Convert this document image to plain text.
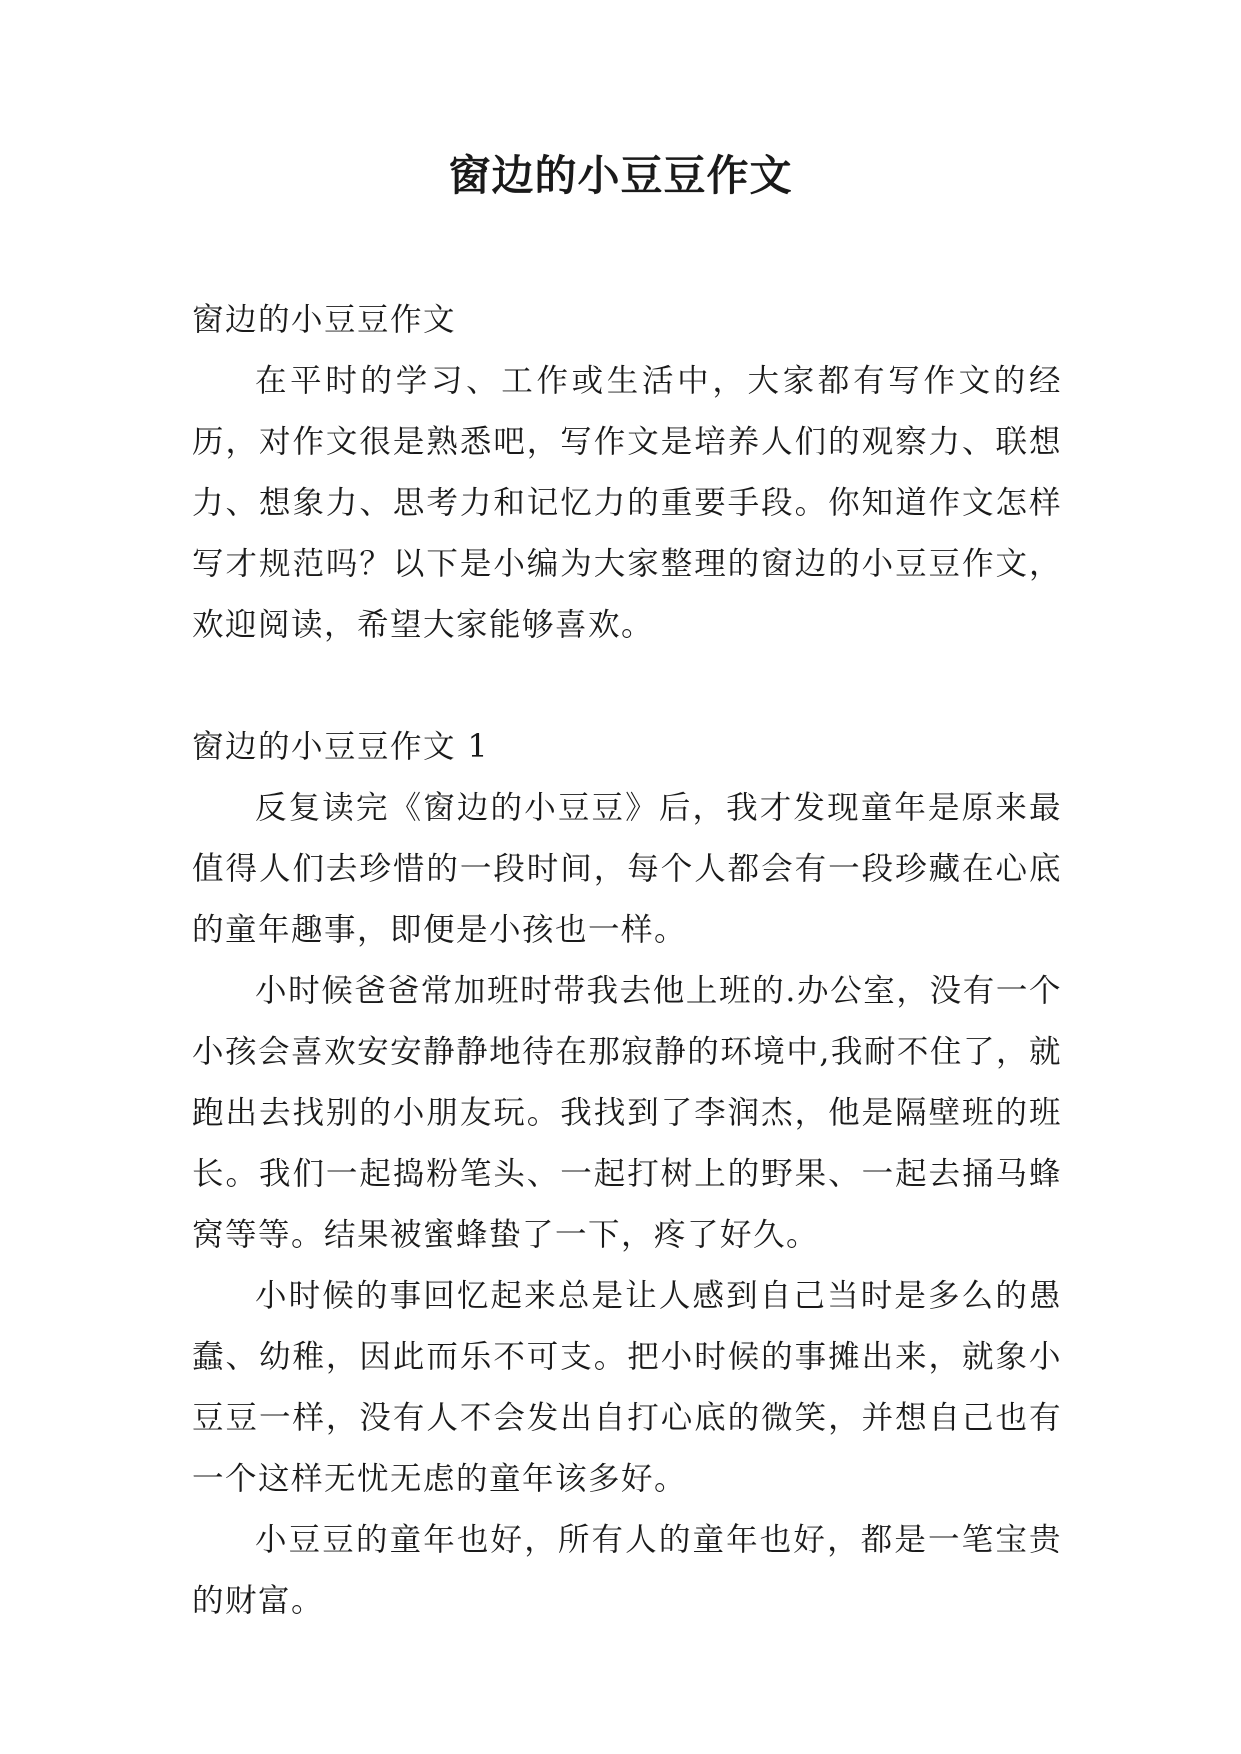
窗边的小豆豆作文

窗边的小豆豆作文

在平时的学习、工作或生活中，大家都有写作文的经历，对作文很是熟悉吧，写作文是培养人们的观察力、联想力、想象力、思考力和记忆力的重要手段。你知道作文怎样写才规范吗？以下是小编为大家整理的窗边的小豆豆作文，欢迎阅读，希望大家能够喜欢。

窗边的小豆豆作文 1

反复读完《窗边的小豆豆》后，我才发现童年是原来最值得人们去珍惜的一段时间，每个人都会有一段珍藏在心底的童年趣事，即便是小孩也一样。

小时候爸爸常加班时带我去他上班的.办公室，没有一个小孩会喜欢安安静静地待在那寂静的环境中,我耐不住了，就跑出去找别的小朋友玩。我找到了李润杰，他是隔壁班的班长。我们一起捣粉笔头、一起打树上的野果、一起去捅马蜂窝等等。结果被蜜蜂蛰了一下，疼了好久。

小时候的事回忆起来总是让人感到自己当时是多么的愚蠢、幼稚，因此而乐不可支。把小时候的事摊出来，就象小豆豆一样，没有人不会发出自打心底的微笑，并想自己也有一个这样无忧无虑的童年该多好。

小豆豆的童年也好，所有人的童年也好，都是一笔宝贵的财富。
